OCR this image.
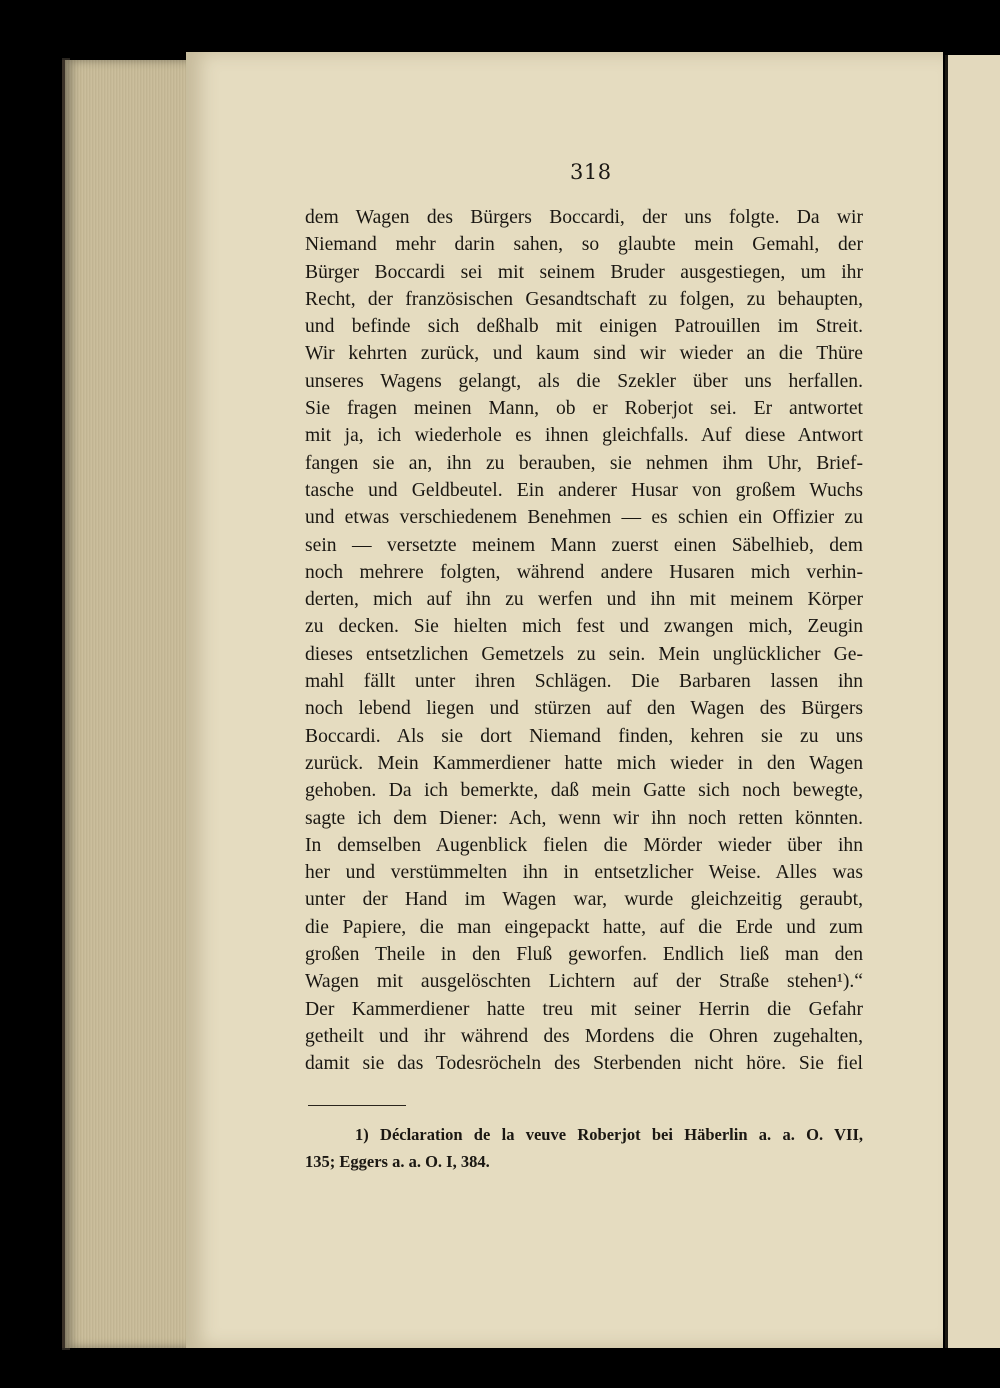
318
dem Wagen des Bürgers Boccardi, der uns folgte. Da wir
Niemand mehr darin sahen, so glaubte mein Gemahl, der
Bürger Boccardi sei mit seinem Bruder ausgestiegen, um ihr
Recht, der französischen Gesandtschaft zu folgen, zu behaupten,
und befinde sich deßhalb mit einigen Patrouillen im Streit.
Wir kehrten zurück, und kaum sind wir wieder an die Thüre
unseres Wagens gelangt, als die Szekler über uns herfallen.
Sie fragen meinen Mann, ob er Roberjot sei. Er antwortet
mit ja, ich wiederhole es ihnen gleichfalls. Auf diese Antwort
fangen sie an, ihn zu berauben, sie nehmen ihm Uhr, Brief-
tasche und Geldbeutel. Ein anderer Husar von großem Wuchs
und etwas verschiedenem Benehmen — es schien ein Offizier zu
sein — versetzte meinem Mann zuerst einen Säbelhieb, dem
noch mehrere folgten, während andere Husaren mich verhin-
derten, mich auf ihn zu werfen und ihn mit meinem Körper
zu decken. Sie hielten mich fest und zwangen mich, Zeugin
dieses entsetzlichen Gemetzels zu sein. Mein unglücklicher Ge-
mahl fällt unter ihren Schlägen. Die Barbaren lassen ihn
noch lebend liegen und stürzen auf den Wagen des Bürgers
Boccardi. Als sie dort Niemand finden, kehren sie zu uns
zurück. Mein Kammerdiener hatte mich wieder in den Wagen
gehoben. Da ich bemerkte, daß mein Gatte sich noch bewegte,
sagte ich dem Diener: Ach, wenn wir ihn noch retten könnten.
In demselben Augenblick fielen die Mörder wieder über ihn
her und verstümmelten ihn in entsetzlicher Weise. Alles was
unter der Hand im Wagen war, wurde gleichzeitig geraubt,
die Papiere, die man eingepackt hatte, auf die Erde und zum
großen Theile in den Fluß geworfen. Endlich ließ man den
Wagen mit ausgelöschten Lichtern auf der Straße stehen¹).“
Der Kammerdiener hatte treu mit seiner Herrin die Gefahr
getheilt und ihr während des Mordens die Ohren zugehalten,
damit sie das Todesröcheln des Sterbenden nicht höre. Sie fiel
1) Déclaration de la veuve Roberjot bei Häberlin a. a. O. VII,
135; Eggers a. a. O. I, 384.
